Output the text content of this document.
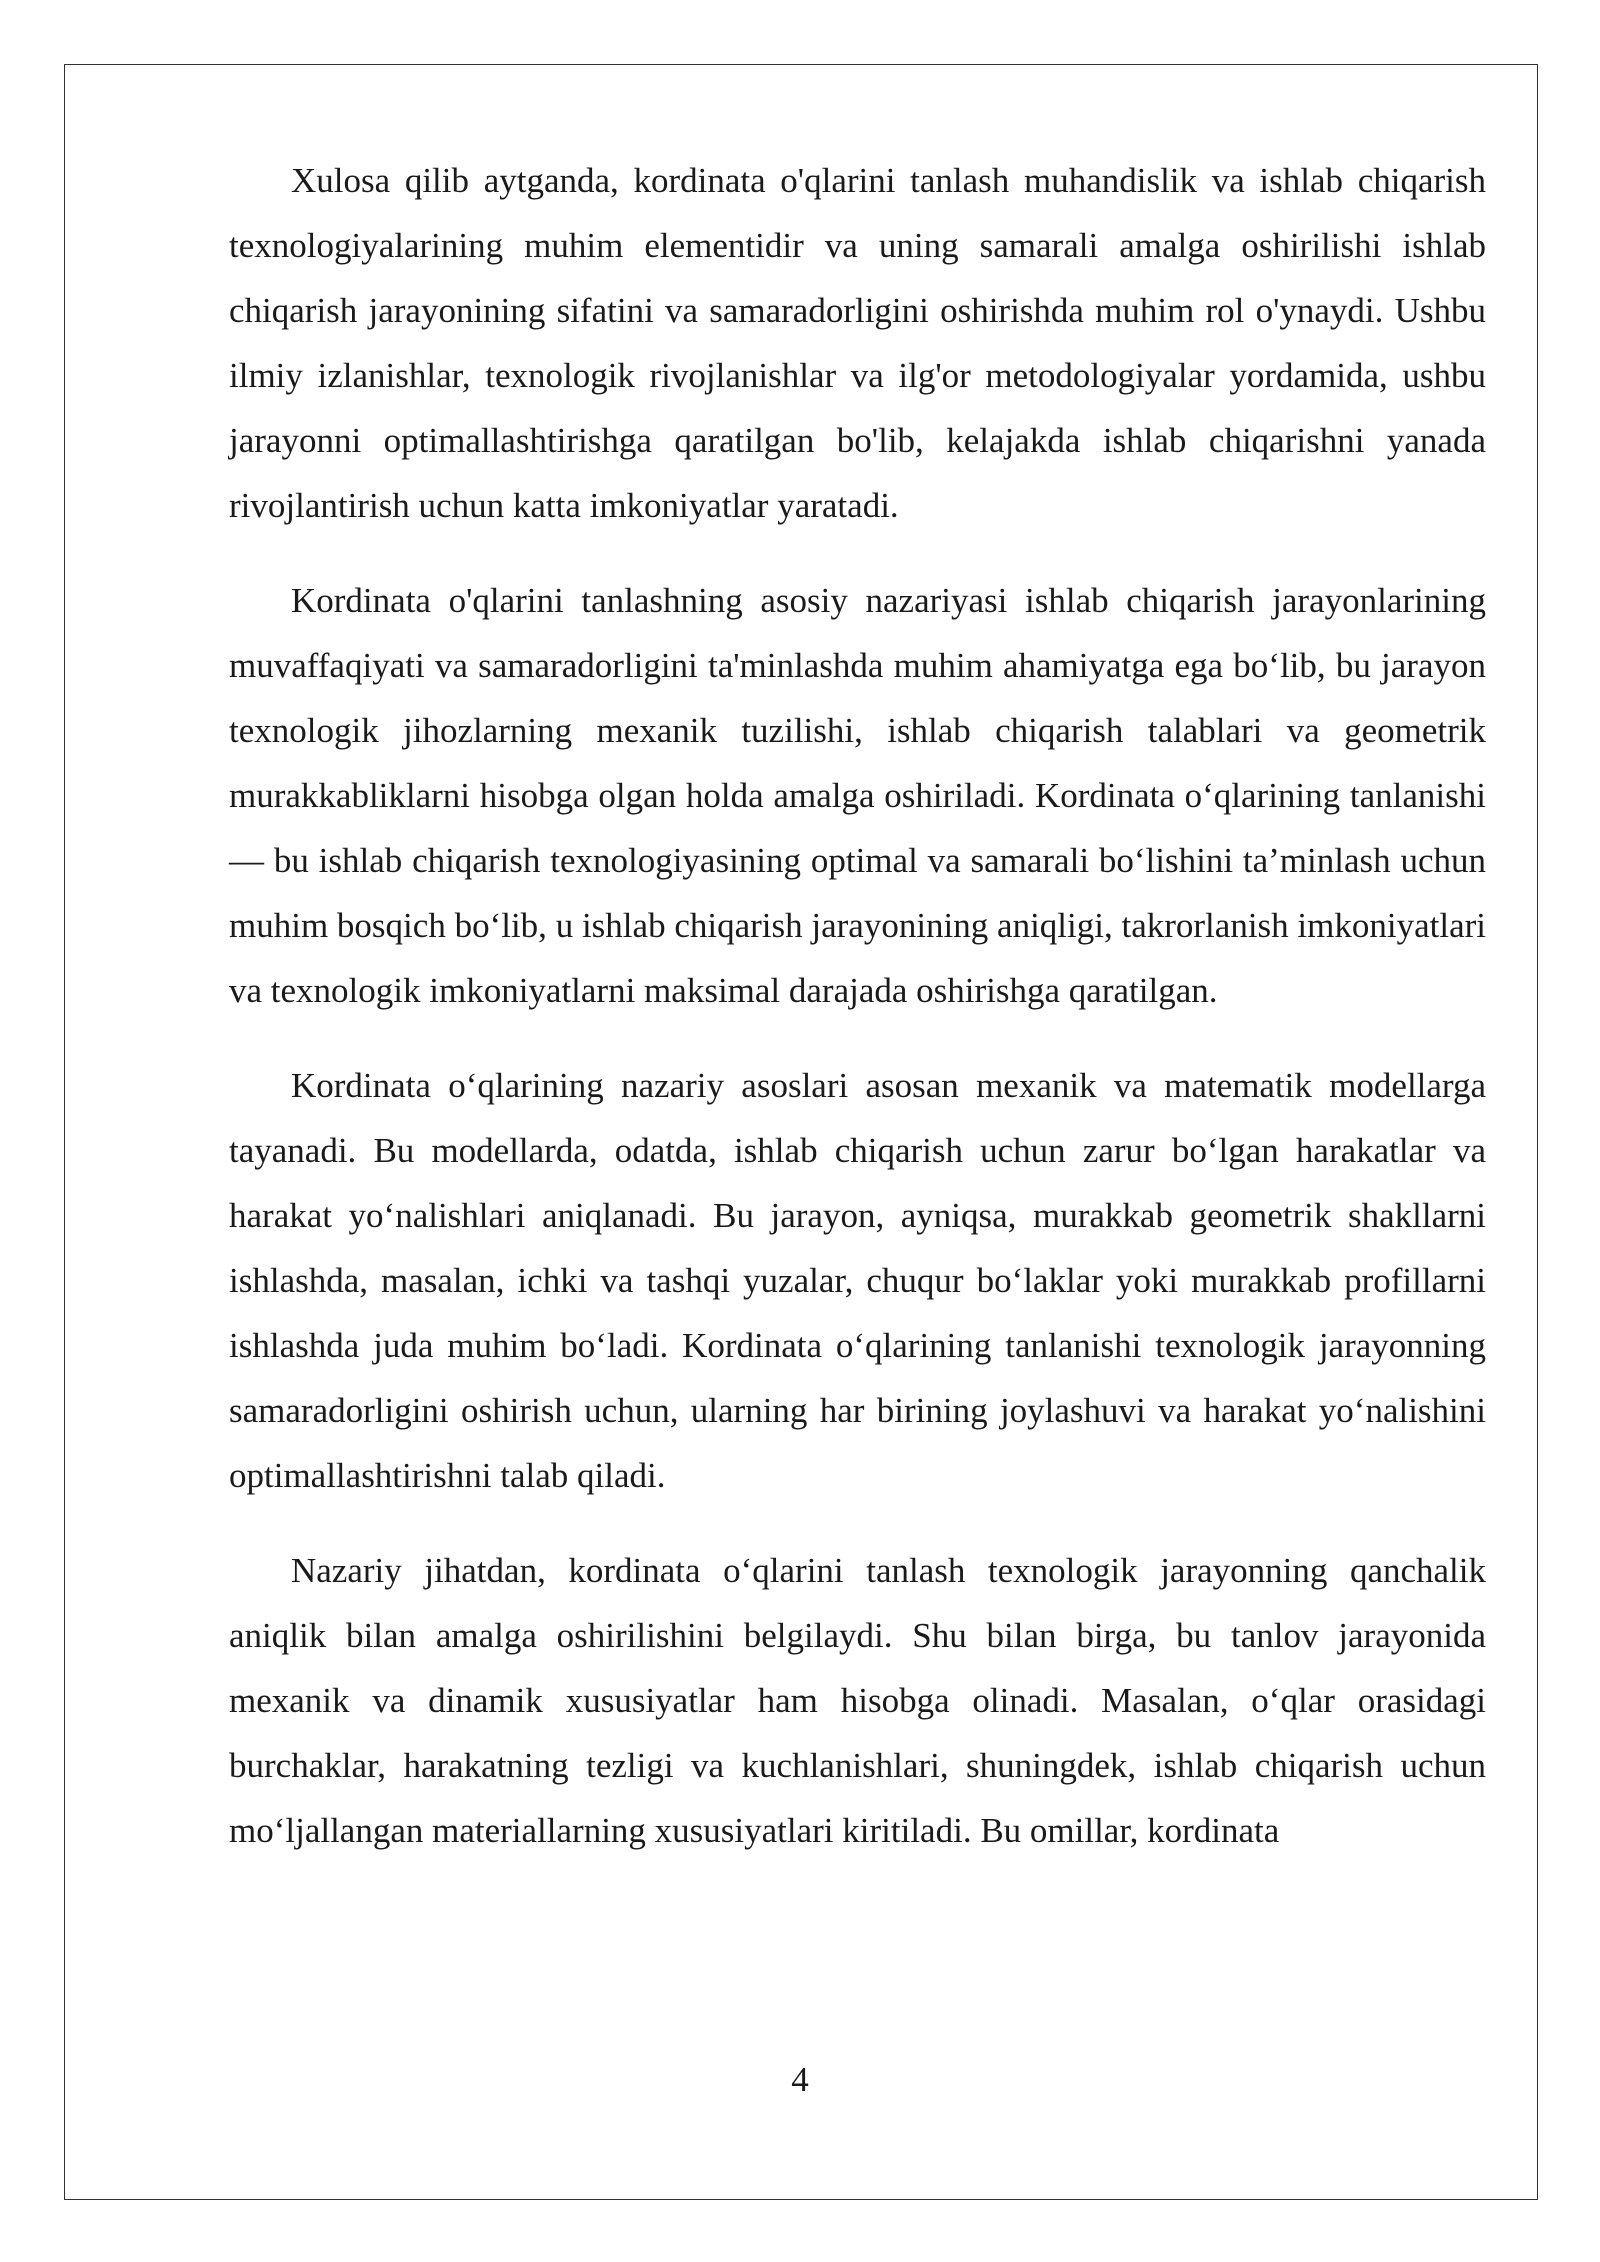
Xulosa qilib aytganda, kordinata o'qlarini tanlash muhandislik va ishlab chiqarish texnologiyalarining muhim elementidir va uning samarali amalga oshirilishi ishlab chiqarish jarayonining sifatini va samaradorligini oshirishda muhim rol o'ynaydi. Ushbu ilmiy izlanishlar, texnologik rivojlanishlar va ilg'or metodologiyalar yordamida, ushbu jarayonni optimallashtirishga qaratilgan bo'lib, kelajakda ishlab chiqarishni yanada rivojlantirish uchun katta imkoniyatlar yaratadi.

Kordinata o'qlarini tanlashning asosiy nazariyasi ishlab chiqarish jarayonlarining muvaffaqiyati va samaradorligini ta'minlashda muhim ahamiyatga ega bo‘lib, bu jarayon texnologik jihozlarning mexanik tuzilishi, ishlab chiqarish talablari va geometrik murakkabliklarni hisobga olgan holda amalga oshiriladi. Kordinata o‘qlarining tanlanishi — bu ishlab chiqarish texnologiyasining optimal va samarali bo‘lishini ta’minlash uchun muhim bosqich bo‘lib, u ishlab chiqarish jarayonining aniqligi, takrorlanish imkoniyatlari va texnologik imkoniyatlarni maksimal darajada oshirishga qaratilgan.

Kordinata o‘qlarining nazariy asoslari asosan mexanik va matematik modellarga tayanadi. Bu modellarda, odatda, ishlab chiqarish uchun zarur bo‘lgan harakatlar va harakat yo‘nalishlari aniqlanadi. Bu jarayon, ayniqsa, murakkab geometrik shakllarni ishlashda, masalan, ichki va tashqi yuzalar, chuqur bo‘laklar yoki murakkab profillarni ishlashda juda muhim bo‘ladi. Kordinata o‘qlarining tanlanishi texnologik jarayonning samaradorligini oshirish uchun, ularning har birining joylashuvi va harakat yo‘nalishini optimallashtirishni talab qiladi.

Nazariy jihatdan, kordinata o‘qlarini tanlash texnologik jarayonning qanchalik aniqlik bilan amalga oshirilishini belgilaydi. Shu bilan birga, bu tanlov jarayonida mexanik va dinamik xususiyatlar ham hisobga olinadi. Masalan, o‘qlar orasidagi burchaklar, harakatning tezligi va kuchlanishlari, shuningdek, ishlab chiqarish uchun mo‘ljallangan materiallarning xususiyatlari kiritiladi. Bu omillar, kordinata

4
